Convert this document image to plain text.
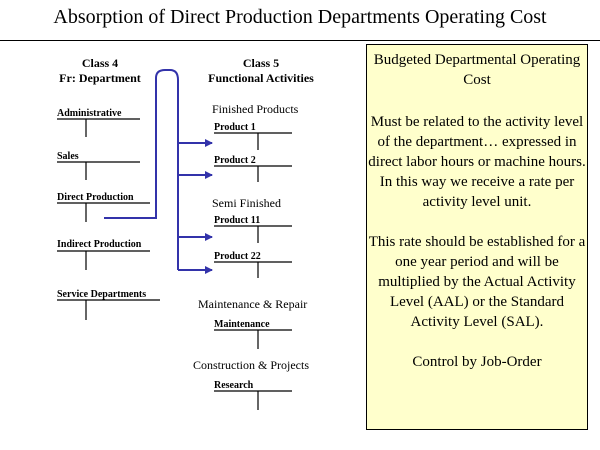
Absorption of Direct Production Departments Operating Cost
Class 4
Fr: Department
Class 5
Functional Activities
Administrative
Sales
Direct Production
Indirect Production
Service Departments
Finished Products
Semi Finished
Maintenance & Repair
Construction & Projects
Product 1
Product 2
Product 11
Product 22
Maintenance
Research

Budgeted Departmental Operating Cost

Must be related to the activity level of the department… expressed in direct labor hours or machine hours. In this way we receive a rate per activity level unit.

This rate should be established for a one year period and will be multiplied by the Actual Activity Level (AAL) or the Standard Activity Level (SAL).

Control by Job-Order
